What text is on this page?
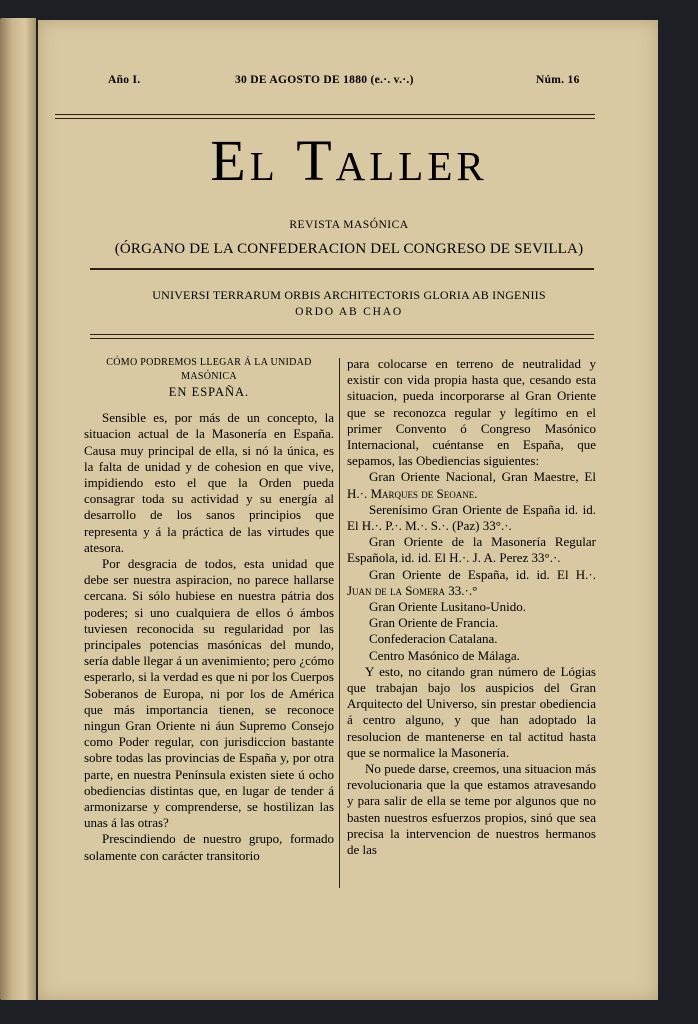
Año I.	30 DE AGOSTO DE 1880 (e.·. v.·.)	Núm. 16
El Taller
REVISTA MASÓNICA
(ÓRGANO DE LA CONFEDERACION DEL CONGRESO DE SEVILLA)
UNIVERSI TERRARUM ORBIS ARCHITECTORIS GLORIA AB INGENIIS
ORDO AB CHAO

CÓMO PODREMOS LLEGAR Á LA UNIDAD MASÓNICA

EN ESPAÑA.

Sensible es, por más de un concepto, la situacion actual de la Masonería en España. Causa muy principal de ella, si nó la única, es la falta de unidad y de cohesion en que vive, impidiendo esto el que la Orden pueda consagrar toda su actividad y su energía al desarrollo de los sanos principios que representa y á la práctica de las virtudes que atesora.

Por desgracia de todos, esta unidad que debe ser nuestra aspiracion, no parece hallarse cercana. Si sólo hubiese en nuestra pátria dos poderes; si uno cualquiera de ellos ó ámbos tuviesen reconocida su regularidad por las principales potencias masónicas del mundo, sería dable llegar á un avenimiento; pero ¿cómo esperarlo, si la verdad es que ni por los Cuerpos Soberanos de Europa, ni por los de América que más importancia tienen, se reconoce ningun Gran Oriente ni áun Supremo Consejo como Poder regular, con jurisdiccion bastante sobre todas las provincias de España y, por otra parte, en nuestra Península existen siete ú ocho obediencias distintas que, en lugar de tender á armonizarse y comprenderse, se hostilizan las unas á las otras?

Prescindiendo de nuestro grupo, formado solamente con carácter transitorio

para colocarse en terreno de neutralidad y existir con vida propia hasta que, cesando esta situacion, pueda incorporarse al Gran Oriente que se reconozca regular y legítimo en el primer Convento ó Congreso Masónico Internacional, cuéntanse en España, que sepamos, las Obediencias siguientes:

Gran Oriente Nacional, Gran Maestre, El H.·. Marques de Seoane.

Serenísimo Gran Oriente de España id. id. El H.·. P.·. M.·. S.·. (Paz) 33°.·.

Gran Oriente de la Masonería Regular Española, id. id. El H.·. J. A. Perez 33°.·.

Gran Oriente de España, id. id. El H.·. Juan de la Somera 33.·.°

Gran Oriente Lusitano-Unido.

Gran Oriente de Francia.

Confederacion Catalana.

Centro Masónico de Málaga.

Y esto, no citando gran número de Lógias que trabajan bajo los auspicios del Gran Arquitecto del Universo, sin prestar obediencia á centro alguno, y que han adoptado la resolucion de mantenerse en tal actitud hasta que se normalice la Masonería.

No puede darse, creemos, una situacion más revolucionaria que la que estamos atravesando y para salir de ella se teme por algunos que no basten nuestros esfuerzos propios, sinó que sea precisa la intervencion de nuestros hermanos de las
